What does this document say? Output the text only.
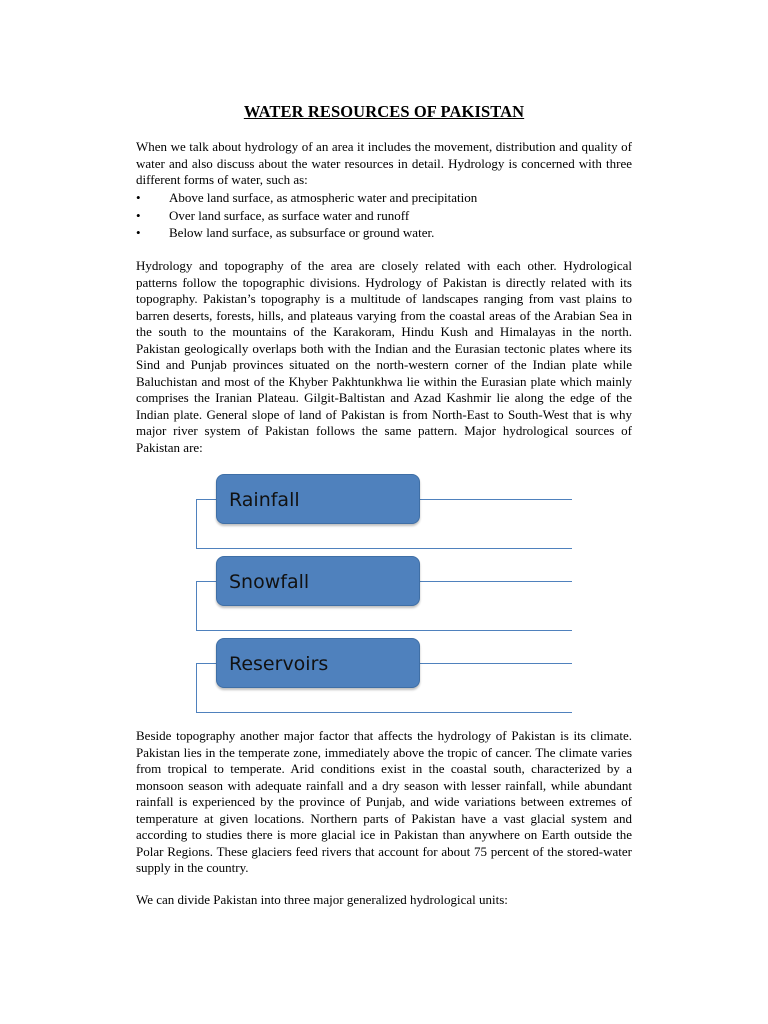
WATER RESOURCES OF PAKISTAN
When we talk about hydrology of an area it includes the movement, distribution and quality of water and also discuss about the water resources in detail. Hydrology is concerned with three different forms of water, such as:
• Above land surface, as atmospheric water and precipitation
• Over land surface, as surface water and runoff
• Below land surface, as subsurface or ground water.
Hydrology and topography of the area are closely related with each other. Hydrological patterns follow the topographic divisions. Hydrology of Pakistan is directly related with its topography. Pakistan’s topography is a multitude of landscapes ranging from vast plains to barren deserts, forests, hills, and plateaus varying from the coastal areas of the Arabian Sea in the south to the mountains of the Karakoram, Hindu Kush and Himalayas in the north. Pakistan geologically overlaps both with the Indian and the Eurasian tectonic plates where its Sind and Punjab provinces situated on the north-western corner of the Indian plate while Baluchistan and most of the Khyber Pakhtunkhwa lie within the Eurasian plate which mainly comprises the Iranian Plateau. Gilgit-Baltistan and Azad Kashmir lie along the edge of the Indian plate. General slope of land of Pakistan is from North-East to South-West that is why major river system of Pakistan follows the same pattern. Major hydrological sources of Pakistan are:
Rainfall
Snowfall
Reservoirs
Beside topography another major factor that affects the hydrology of Pakistan is its climate. Pakistan lies in the temperate zone, immediately above the tropic of cancer. The climate varies from tropical to temperate. Arid conditions exist in the coastal south, characterized by a monsoon season with adequate rainfall and a dry season with lesser rainfall, while abundant rainfall is experienced by the province of Punjab, and wide variations between extremes of temperature at given locations. Northern parts of Pakistan have a vast glacial system and according to studies there is more glacial ice in Pakistan than anywhere on Earth outside the Polar Regions. These glaciers feed rivers that account for about 75 percent of the stored-water supply in the country.
We can divide Pakistan into three major generalized hydrological units:
